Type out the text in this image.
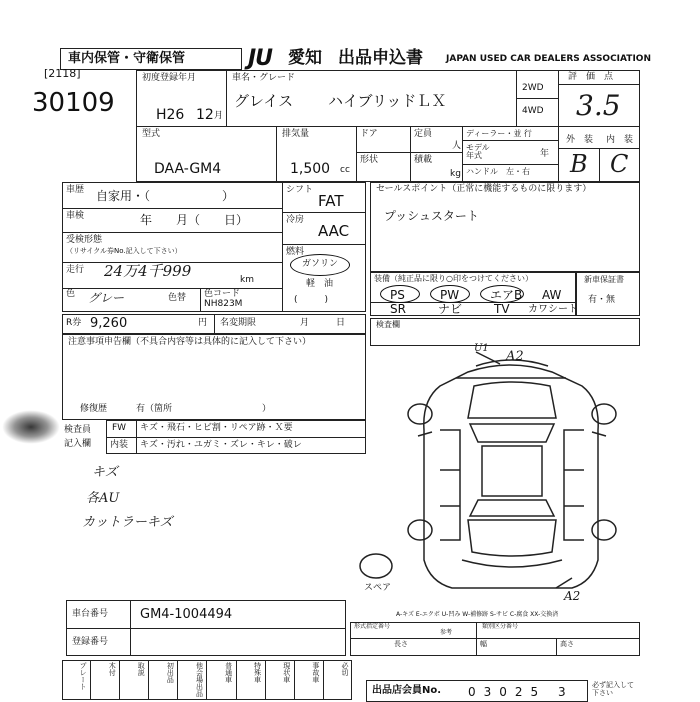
車内保管・守衛保管	JU 愛知 出品申込書	JAPAN USED CAR DEALERS ASSOCIATION
[2118]
30109
初度登録年月
H26 12 月
車名・グレード
グレイス ハイブリッドＬＸ
2WD
4WD
評　価　点
3.5
型式
DAA-GM4
排気量
1,500 cc
ドア	定員
人
形状	積載
kg
ディーラー・並 行
モデル年式	年
ハンドル　左・右
外　装 内　装
B C
車歴 自家用・（　　　　　　）
車検	年　　月（　　日）
受検形態
（リサイクル券No.記入して下さい）
走行 24万4千999	km
色 グレー	色替 色コード
NH823M
シフト
FAT
冷房
AAC
燃料
ガソリン
軽　油
(　　　)
セールスポイント（正常に機能するものに限ります）
プッシュスタート
装備（純正品に限り○印をつけてください）
PS	PW	エアB AW
SR	ナビ	TV カワシート
新車保証書
有・無
R券 9,260	円 名変期限	月　　　日	検査欄
注意事項申告欄（不具合内容等は具体的に記入して下さい）
修復歴	有（箇所	）
検査員
記入欄
FW キズ・飛石・ヒビ割・リペア跡・Ｘ要
内装 キズ・汚れ・ユガミ・ズレ・キレ・破レ
キズ
各AU
カットラーキズ
A2
U1
A2
スペア
A-キズ E-エクボ U-凹み W-補修跡 S-サビ C-腐食 XX-交換済
車台番号 GM4-1004494
登録番号
形式指定番号	類別区分番号
参考
長さ	幅	高さ
プレート	木付	取説	初出品	他会場出品	普通車	特殊車	現状車	事故車	必切
出品店会員No. 03025 3	必ず記入して下さい
